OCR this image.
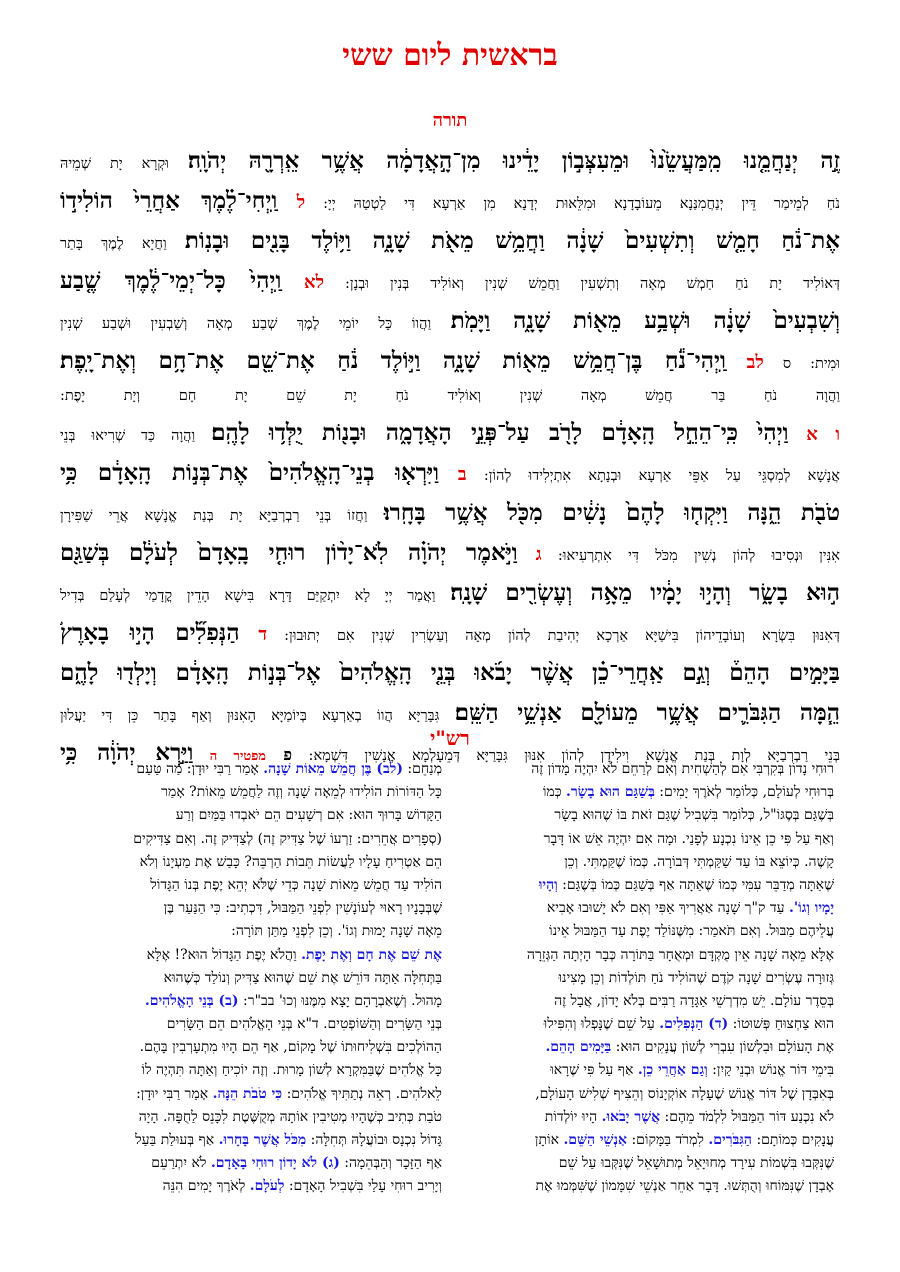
בראשית ליום ששי
תורה
זֶ֣ה יְנַחֲמֵ֤נוּ מִֽמַּעֲשֵׂ֙נוּ֙ וּמֵעִצְּב֣וֹן יָדֵ֔ינוּ מִן־הָ֣אֲדָמָ֔ה אֲשֶׁ֥ר אֵֽרְרָ֖הּ יְהֹוָֽה׃ וּקְרָא יָת שְׁמֵיהּ
נֹחַ לְמֵימַר דֵּין יְנַחֲמִנַּנָא מֵעוֹבָדָנָא וּמִלֵּאוּת יְדָנָא מִן אַרְעָא דִּי לַטְטַהּ יְיָ: ל וַֽיְחִי־לֶ֗מֶךְ אַחֲרֵי֙ הוֹלִיד֣וֹ
אֶת־נֹ֔חַ חָמֵ֤שׁ וְתִשְׁעִים֙ שָׁנָ֔ה וַחֲמֵ֥שׁ מֵאֹ֖ת שָׁנָ֑ה וַיּ֥וֹלֶד בָּנִ֖ים וּבָנֽוֹת׃ וַחֲיָא לֶמֶךְ בָּתַר
דְּאוֹלִיד יָת נֹחַ חַמְשׁ מְאָה וְתִשְׁעִין וַחֲמֵשׁ שְׁנִין וְאוֹלִיד בְּנִין וּבְנָן: לא וַֽיְהִי֙ כָּל־יְמֵי־לֶ֔מֶךְ שֶׁ֤בַע
וְשִׁבְעִים֙ שָׁנָ֔ה וּשְׁבַ֥ע מֵא֖וֹת שָׁנָ֑ה וַיָּמֹֽת׃ וַהֲווֹ כָּל יוֹמֵי לֶמֶךְ שְׁבַע מְאָה וְשַׁבְעִין וּשְׁבַע שְׁנִין
וּמִית: ס לב וַֽיְהִי־נֹ֕חַ בֶּן־חֲמֵ֥שׁ מֵא֖וֹת שָׁנָ֑ה וַיּ֣וֹלֶד נֹ֔חַ אֶת־שֵׁ֖ם אֶת־חָ֥ם וְאֶת־יָֽפֶת׃
וַהֲוָה נֹחַ בַּר חֲמֵשׁ מְאָה שְׁנִין וְאוֹלִיד נֹחַ יָת שֵׁם יָת חָם וְיָת יָפֶת:
ו א וַיְהִי֙ כִּֽי־הֵחֵ֣ל הָֽאָדָ֔ם לָרֹ֖ב עַל־פְּנֵ֣י הָאֲדָמָ֑ה וּבָנ֖וֹת יֻלְּד֥וּ לָהֶֽם׃ וַהֲוָה כַּד שְׁרִיאוּ בְּנֵי
אֲנָשָׁא לְמִסְגֵּי עַל אַפֵּי אַרְעָא וּבְנָתָא אִתְיְלִידוּ לְהוֹן: ב וַיִּרְא֤וּ בְנֵי־הָֽאֱלֹהִים֙ אֶת־בְּנ֣וֹת הָֽאָדָ֔ם כִּ֥י
טֹבֹ֖ת הֵ֑נָּה וַיִּקְח֤וּ לָהֶם֙ נָשִׁ֔ים מִכֹּ֖ל אֲשֶׁ֥ר בָּחָֽרוּ׃ וַחֲזוֹ בְּנֵי רַבְרְבַיָּא יָת בְּנַת אֱנָשָׁא אֲרֵי שַׁפִּירָן
אִנִּין וּנְסִיבוּ לְהוֹן נְשִׁין מִכֹּל דִּי אִתְרְעִיאוּ: ג וַיֹּ֣אמֶר יְהֹוָ֗ה לֹֽא־יָד֨וֹן רוּחִ֤י בָֽאָדָם֙ לְעֹלָ֔ם בְּשַׁגַּ֖ם
ה֣וּא בָשָׂ֑ר וְהָי֣וּ יָמָ֔יו מֵאָ֥ה וְעֶשְׂרִ֖ים שָׁנָֽה׃ וַאֲמַר יְיָ לָא יִתְקַיַּם דָּרָא בִּישָׁא הָדֵין קֳדָמַי לְעָלַם בְּדִיל
דְּאִנּוּן בִּשְׂרָא וְעוֹבָדֵיהוֹן בִּישַׁיָּא אַרְכָא יְהִיבַת לְהוֹן מְאָה וְעַשְׂרִין שְׁנִין אִם יְתוּבוּן: ד הַנְּפִלִ֞ים הָי֣וּ בָאָרֶץ֮
בַּיָּמִ֣ים הָהֵם֒ וְגַ֣ם אַֽחֲרֵי־כֵ֗ן אֲשֶׁ֨ר יָבֹ֜אוּ בְּנֵ֤י הָֽאֱלֹהִים֙ אֶל־בְּנ֣וֹת הָֽאָדָ֔ם וְיָלְד֖וּ לָהֶ֑ם
הֵ֧מָּה הַגִּבֹּרִ֛ים אֲשֶׁ֥ר מֵעוֹלָ֖ם אַנְשֵׁ֥י הַשֵּֽׁם׃ גִּבָּרַיָּא הֲווֹ בְאַרְעָא בְּיוֹמַיָּא הָאִנּוּן וְאַף בָּתַר כֵּן דִּי יַעֲלוּן
בְּנֵי רַבְרְבַיָּא לְוָת בְּנַת אֱנָשָׁא וִילִידָן לְהוֹן אִנּוּן גִּבָּרַיָּא דְּמֵעָלְמָא אֱנָשִׁין דִּשְׁמָא: פ מפטיר ה וַיַּ֣רְא יְהֹוָ֔ה כִּ֥י
רש"י
מְנַחֵם: (לב) בֶּן חֲמֵשׁ מֵאוֹת שָׁנָה. אָמַר רַבִּי יוּדָן: מַה טַּעַם
כָּל הַדּוֹרוֹת הוֹלִידוּ לְמֵאָה שָׁנָה וְזֶה לַחֲמֵשׁ מֵאוֹת? אָמַר
הַקָּדוֹשׁ בָּרוּךְ הוּא: אִם רְשָׁעִים הֵם יֹאבְדוּ בַּמַּיִם וְרַע
(סְפָרִים אֲחֵרִים: זַרְעוֹ שֶׁל צַדִּיק זֶה) לְצַדִּיק זֶה. וְאִם צַדִּיקִים
הֵם אַטְרִיחַ עָלָיו לַעֲשׂוֹת תֵּבוֹת הַרְבֵּה? כָּבַשׁ אֶת מַעְיָנוֹ וְלֹא
הוֹלִיד עַד חֲמֵשׁ מֵאוֹת שָׁנָה כְּדֵי שֶׁלֹּא יְהֵא יֶפֶת בְּנוֹ הַגָּדוֹל
שֶׁבְּבָנָיו רָאוּי לְעוֹנָשִׁין לִפְנֵי הַמַּבּוּל, דִּכְתִיב: כִּי הַנַּעַר בֶּן
מֵאָה שָׁנָה יָמוּת וְגוֹ'. וְכֵן לִפְנֵי מַתַּן תּוֹרָה:
אֶת שֵׁם אֶת חָם וְאֶת יָפֶת. וַהֲלֹא יֶפֶת הַגָּדוֹל הוּא?! אֶלָּא
בַּתְּחִלָּה אַתָּה דּוֹרֵשׁ אֶת שֵׁם שֶׁהוּא צַדִּיק וְנוֹלַד כְּשֶׁהוּא
מָהוּל. וְשֶׁאַבְרָהָם יָצָא מִמֶּנּוּ וְכוּ' בב"ר: (ב) בְּנֵי הָאֱלֹהִים.
בְּנֵי הַשָּׂרִים וְהַשּׁוֹפְטִים. ד"א בְּנֵי הָאֱלֹהִים הֵם הַשָּׂרִים
הַהוֹלְכִים בִּשְׁלִיחוּתוֹ שֶׁל מָקוֹם, אַף הֵם הָיוּ מִתְעָרְבִין בָּהֶם.
כָּל אֱלֹהִים שֶׁבַּמִּקְרָא לְשׁוֹן מָרוּת. וְזֶה יוֹכִיחַ וְאַתָּה תִּהְיֶה לוֹ
לֵאלֹהִים. רְאֵה נְתַתִּיךָ אֱלֹהִים: כִּי טֹבֹת הֵנָּה. אָמַר רַבִּי יוּדָן:
טֹבַת כְּתִיב כְּשֶׁהָיוּ מְטִיבִין אוֹתָהּ מְקֻשֶּׁטֶת לִכָּנֵס לַחֻפָּה. הָיָה
גָּדוֹל נִכְנָס וּבוֹעֲלָהּ תְּחִלָּה: מִכֹּל אֲשֶׁר בָּחָרוּ. אַף בְּעוּלַת בַּעַל
אַף הַזָּכָר וְהַבְּהֵמָה: (ג) לֹא יָדוֹן רוּחִי בָאָדָם. לֹא יִתְרַעֵם
וְיָרִיב רוּחִי עָלַי בִּשְׁבִיל הָאָדָם: לְעֹלָם. לְאֹרֶךְ יָמִים הִנֵּה
רוּחִי נָדוֹן בְּקִרְבִּי אִם לְהַשְׁחִית וְאִם לְרַחֵם לֹא יִהְיֶה מָדוֹן זֶה
בְּרוּחִי לְעוֹלָם, כְּלוֹמַר לְאֹרֶךְ יָמִים: בְּשַׁגַּם הוּא בָשָׂר. כְּמוֹ
בְּשֶׁגַּם בְּסֶגּוֹ"ל, כְּלוֹמַר בִּשְׁבִיל שֶׁגַּם זֹאת בּוֹ שֶׁהוּא בָשָׂר
וְאַף עַל פִּי כֵן אֵינוֹ נִכְנָע לְפָנַי. וּמָה אִם יִהְיֶה אֵשׁ אוֹ דָּבָר
קָשֶׁה. כְּיוֹצֵא בּוֹ עַד שַׁקַּמְתִּי דְּבוֹרָה. כְּמוֹ שֶׁקַּמְתִּי. וְכֵן
שֶׁאַתָּה מְדַבֵּר עִמִּי כְּמוֹ שֶׁאַתָּה אַף בְּשַׁגַּם כְּמוֹ בְּשֶׁגַּם: וְהָיוּ
יָמָיו וְגוֹ'. עַד ק"ך שָׁנָה אַאֲרִיךְ אַפִּי וְאִם לֹא יָשׁוּבוּ אָבִיא
עֲלֵיהֶם מַבּוּל. וְאִם תֹּאמַר: מִשֶּׁנּוֹלַד יֶפֶת עַד הַמַּבּוּל אֵינוֹ
אֶלָּא מֵאָה שָׁנָה אֵין מֻקְדָּם וּמְאֻחָר בַּתּוֹרָה כְּבָר הָיְתָה הַגְּזֵרָה
גְּזוּרָה עֶשְׂרִים שָׁנָה קֹדֶם שֶׁהוֹלִיד נֹחַ תּוֹלְדוֹת וְכֵן מָצִינוּ
בְּסֵדֶר עוֹלָם. יֵשׁ מִדְרְשֵׁי אַגָּדָה רַבִּים בְּלֹא יָדוֹן, אֲבָל זֶה
הוּא צַחְצוּחַ פְּשׁוּטוֹ: (ד) הַנְּפִלִים. עַל שֵׁם שֶׁנָּפְלוּ וְהִפִּילוּ
אֶת הָעוֹלָם וּבִלְשׁוֹן עִבְרִי לְשׁוֹן עֲנָקִים הוּא: בַּיָּמִים הָהֵם.
בִּימֵי דּוֹר אֱנוֹשׁ וּבְנֵי קַיִן: וְגַם אַחֲרֵי כֵן. אַף עַל פִּי שֶׁרָאוּ
בְּאִבְּדָן שֶׁל דּוֹר אֱנוֹשׁ שֶׁעָלָה אוֹקְיָנוֹס וְהֵצִיף שְׁלִישׁ הָעוֹלָם,
לֹא נִכְנַע דּוֹר הַמַּבּוּל לִלְמֹד מֵהֶם: אֲשֶׁר יָבֹאוּ. הָיוּ יוֹלְדוֹת
עֲנָקִים כְּמוֹתָם: הַגִּבֹּרִים. לִמְרֹד בַּמָּקוֹם: אַנְשֵׁי הַשֵּׁם. אוֹתָן
שֶׁנִּקְּבוּ בִּשְׁמוֹת עִירָד מְחוּיָאֵל מְתוּשָׁאֵל שֶׁנִּקְּבוּ עַל שֵׁם
אָבְדָן שֶׁנִּמּוֹחוּ וְהֻתְּשׁוּ. דָּבָר אַחֵר אַנְשֵׁי שִׁמָּמוֹן שֶׁשִּׁמְּמוּ אֶת
